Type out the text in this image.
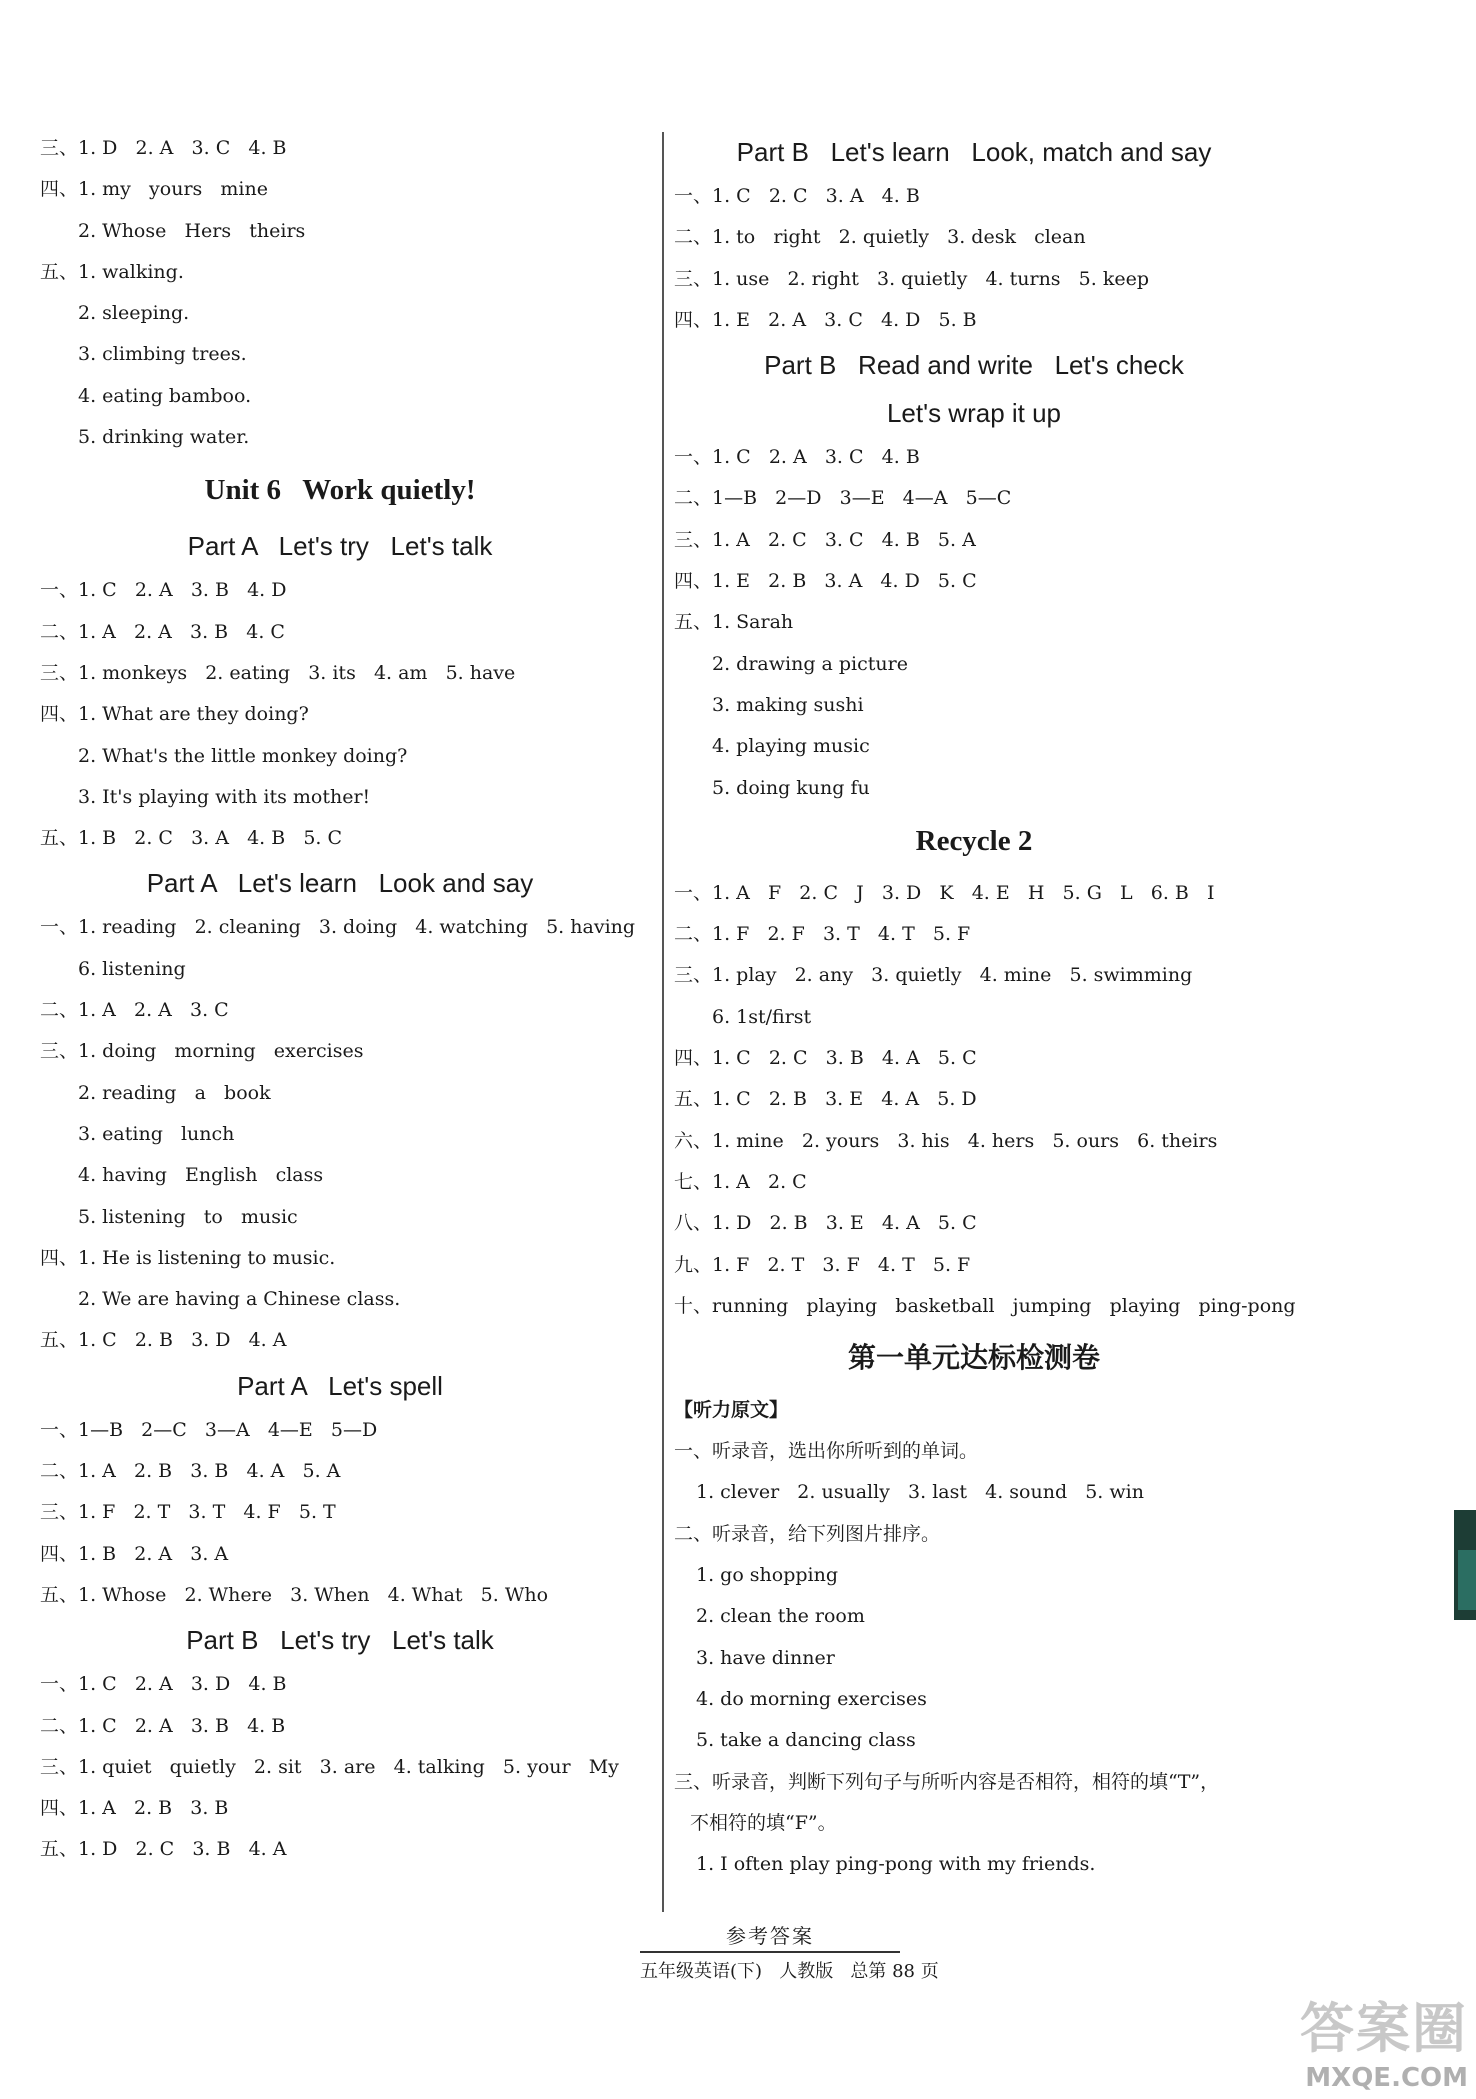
三、1. D   2. A   3. C   4. B
四、1. my   yours   mine
2. Whose   Hers   theirs
五、1. walking.
2. sleeping.
3. climbing trees.
4. eating bamboo.
5. drinking water.
Unit 6   Work quietly!
Part A   Let's try   Let's talk
一、1. C   2. A   3. B   4. D
二、1. A   2. A   3. B   4. C
三、1. monkeys   2. eating   3. its   4. am   5. have
四、1. What are they doing?
2. What's the little monkey doing?
3. It's playing with its mother!
五、1. B   2. C   3. A   4. B   5. C
Part A   Let's learn   Look and say
一、1. reading   2. cleaning   3. doing   4. watching   5. having
6. listening
二、1. A   2. A   3. C
三、1. doing   morning   exercises
2. reading   a   book
3. eating   lunch
4. having   English   class
5. listening   to   music
四、1. He is listening to music.
2. We are having a Chinese class.
五、1. C   2. B   3. D   4. A
Part A   Let's spell
一、1—B   2—C   3—A   4—E   5—D
二、1. A   2. B   3. B   4. A   5. A
三、1. F   2. T   3. T   4. F   5. T
四、1. B   2. A   3. A
五、1. Whose   2. Where   3. When   4. What   5. Who
Part B   Let's try   Let's talk
一、1. C   2. A   3. D   4. B
二、1. C   2. A   3. B   4. B
三、1. quiet   quietly   2. sit   3. are   4. talking   5. your   My
四、1. A   2. B   3. B
五、1. D   2. C   3. B   4. A
Part B   Let's learn   Look, match and say
一、1. C   2. C   3. A   4. B
二、1. to   right   2. quietly   3. desk   clean
三、1. use   2. right   3. quietly   4. turns   5. keep
四、1. E   2. A   3. C   4. D   5. B
Part B   Read and write   Let's check
Let's wrap it up
一、1. C   2. A   3. C   4. B
二、1—B   2—D   3—E   4—A   5—C
三、1. A   2. C   3. C   4. B   5. A
四、1. E   2. B   3. A   4. D   5. C
五、1. Sarah
2. drawing a picture
3. making sushi
4. playing music
5. doing kung fu
Recycle 2
一、1. A   F   2. C   J   3. D   K   4. E   H   5. G   L   6. B   I
二、1. F   2. F   3. T   4. T   5. F
三、1. play   2. any   3. quietly   4. mine   5. swimming
6. 1st/first
四、1. C   2. C   3. B   4. A   5. C
五、1. C   2. B   3. E   4. A   5. D
六、1. mine   2. yours   3. his   4. hers   5. ours   6. theirs
七、1. A   2. C
八、1. D   2. B   3. E   4. A   5. C
九、1. F   2. T   3. F   4. T   5. F
十、running   playing   basketball   jumping   playing   ping-pong
第一单元达标检测卷
【听力原文】
一、听录音，选出你所听到的单词。
1. clever   2. usually   3. last   4. sound   5. win
二、听录音，给下列图片排序。
1. go shopping
2. clean the room
3. have dinner
4. do morning exercises
5. take a dancing class
三、听录音，判断下列句子与所听内容是否相符，相符的填“T”，
不相符的填“F”。
1. I often play ping-pong with my friends.
参考答案
五年级英语(下)   人教版   总第 88 页
答案圈
MXQE.COM
